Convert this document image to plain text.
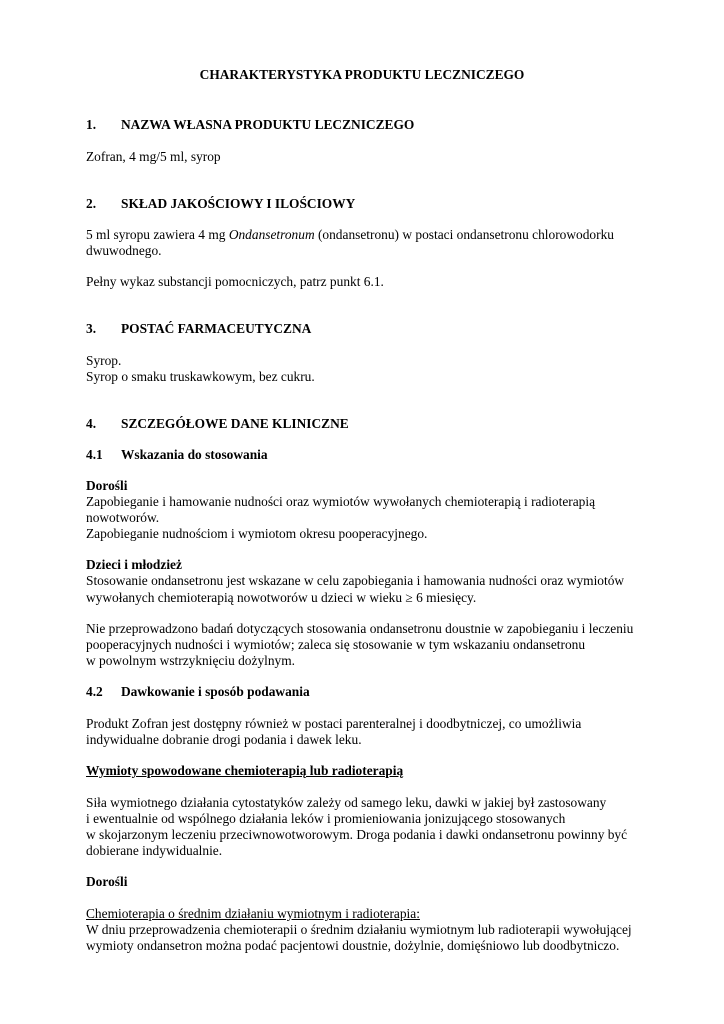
CHARAKTERYSTYKA PRODUKTU LECZNICZEGO
1. NAZWA WŁASNA PRODUKTU LECZNICZEGO
Zofran, 4 mg/5 ml, syrop
2. SKŁAD JAKOŚCIOWY I ILOŚCIOWY
5 ml syropu zawiera 4 mg Ondansetronum (ondansetronu) w postaci ondansetronu chlorowodorku
dwuwodnego.
Pełny wykaz substancji pomocniczych, patrz punkt 6.1.
3. POSTAĆ FARMACEUTYCZNA
Syrop.
Syrop o smaku truskawkowym, bez cukru.
4. SZCZEGÓŁOWE DANE KLINICZNE
4.1 Wskazania do stosowania
Dorośli
Zapobieganie i hamowanie nudności oraz wymiotów wywołanych chemioterapią i radioterapią
nowotworów.
Zapobieganie nudnościom i wymiotom okresu pooperacyjnego.
Dzieci i młodzież
Stosowanie ondansetronu jest wskazane w celu zapobiegania i hamowania nudności oraz wymiotów
wywołanych chemioterapią nowotworów u dzieci w wieku ≥ 6 miesięcy.
Nie przeprowadzono badań dotyczących stosowania ondansetronu doustnie w zapobieganiu i leczeniu
pooperacyjnych nudności i wymiotów; zaleca się stosowanie w tym wskazaniu ondansetronu
w powolnym wstrzyknięciu dożylnym.
4.2 Dawkowanie i sposób podawania
Produkt Zofran jest dostępny również w postaci parenteralnej i doodbytniczej, co umożliwia
indywidualne dobranie drogi podania i dawek leku.
Wymioty spowodowane chemioterapią lub radioterapią
Siła wymiotnego działania cytostatyków zależy od samego leku, dawki w jakiej był zastosowany
i ewentualnie od wspólnego działania leków i promieniowania jonizującego stosowanych
w skojarzonym leczeniu przeciwnowotworowym. Droga podania i dawki ondansetronu powinny być
dobierane indywidualnie.
Dorośli
Chemioterapia o średnim działaniu wymiotnym i radioterapia:
W dniu przeprowadzenia chemioterapii o średnim działaniu wymiotnym lub radioterapii wywołującej
wymioty ondansetron można podać pacjentowi doustnie, dożylnie, domięśniowo lub doodbytniczo.
